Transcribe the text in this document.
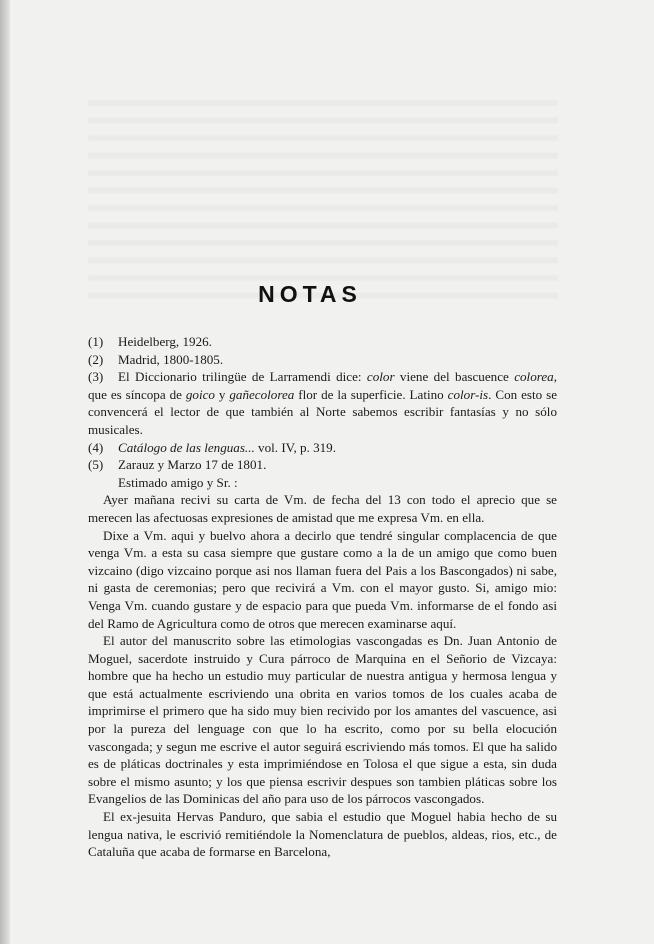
NOTAS

(1) Heidelberg, 1926.

(2) Madrid, 1800-1805.

(3) El Diccionario trilingüe de Larramendi dice: color viene del bascuence colorea, que es síncopa de goico y gañecolorea flor de la superficie. Latino color-is. Con esto se convencerá el lector de que también al Norte sabemos escribir fantasías y no sólo musicales.

(4) Catálogo de las lenguas... vol. IV, p. 319.

(5) Zarauz y Marzo 17 de 1801.

Estimado amigo y Sr. :

Ayer mañana recivi su carta de Vm. de fecha del 13 con todo el aprecio que se merecen las afectuosas expresiones de amistad que me expresa Vm. en ella.

Dixe a Vm. aqui y buelvo ahora a decirlo que tendré singular complacencia de que venga Vm. a esta su casa siempre que gustare como a la de un amigo que como buen vizcaino (digo vizcaino porque asi nos llaman fuera del Pais a los Bascongados) ni sabe, ni gasta de ceremonias; pero que recivirá a Vm. con el mayor gusto. Si, amigo mio: Venga Vm. cuando gustare y de espacio para que pueda Vm. informarse de el fondo asi del Ramo de Agricultura como de otros que merecen examinarse aquí.

El autor del manuscrito sobre las etimologias vascongadas es Dn. Juan Antonio de Moguel, sacerdote instruido y Cura párroco de Marquina en el Señorio de Vizcaya: hombre que ha hecho un estudio muy particular de nuestra antigua y hermosa lengua y que está actualmente escriviendo una obrita en varios tomos de los cuales acaba de imprimirse el primero que ha sido muy bien recivido por los amantes del vascuence, asi por la pureza del lenguage con que lo ha escrito, como por su bella elocución vascongada; y segun me escrive el autor seguirá escriviendo más tomos. El que ha salido es de pláticas doctrinales y esta imprimiéndose en Tolosa el que sigue a esta, sin duda sobre el mismo asunto; y los que piensa escrivir despues son tambien pláticas sobre los Evangelios de las Dominicas del año para uso de los párrocos vascongados.

El ex-jesuita Hervas Panduro, que sabia el estudio que Moguel habia hecho de su lengua nativa, le escrivió remitiéndole la Nomenclatura de pueblos, aldeas, rios, etc., de Cataluña que acaba de formarse en Barcelona,
